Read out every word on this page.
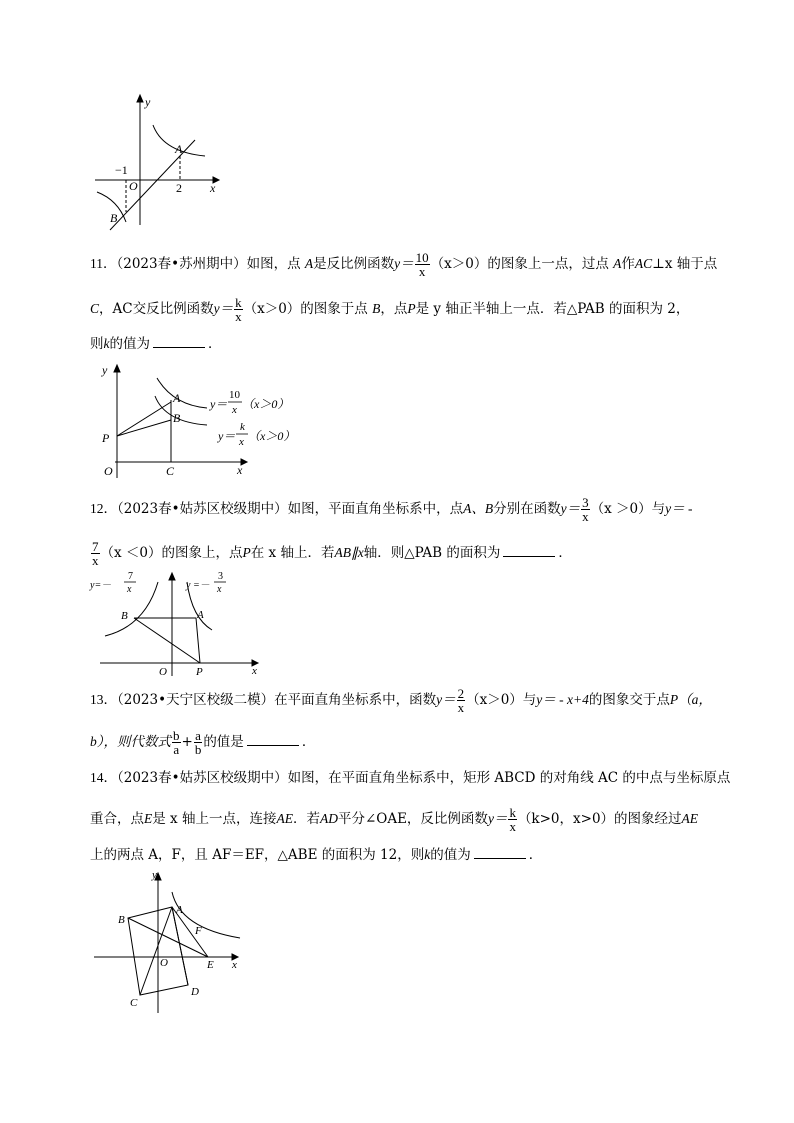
y
x
−1
O	2
A
B
11．（2023春•苏州期中）如图，点 A是反比例函数$y= \frac{10}{x} (x>0)$的图象上一点，过点 A作AC⊥x 轴于点
C，AC交反比例函数$y= \frac{k}{x} (x>0)$的图象于点 B，点P是 y 轴正半轴上一点．若△PAB 的面积为 2，
则k的值为	．
y
x
O	C
P
A
B
y＝
10
x （x＞0）
y＝
k
x （x＞0）
12．（2023春•姑苏区校级期中）如图，平面直角坐标系中，点A、B分别在函数$y= \frac{3}{x} (x >0)$与y＝ -
$\frac{7}{x} (x <0)$的图象上，点P在 x 轴上．若AB∥x轴．则△PAB 的面积为	．
y=－
7
x	y =－
3
x
B	A
O	P	x
13．（2023•天宁区校级二模）在平面直角坐标系中，函数$y= \frac{2}{x} (x>0)$与y＝ - x+4的图象交于点P（a，
b），则代数式 $\frac{b}{a} + \frac{a}{b}$ 的值是	．
14．（2023春•姑苏区校级期中）如图，在平面直角坐标系中，矩形 ABCD 的对角线 AC 的中点与坐标原点
重合，点E是 x 轴上一点，连接AE．若AD平分∠OAE，反比例函数$y= \frac{k}{x} (k>0$，x>0）的图象经过AE
上的两点 A，F，且 AF＝EF，△ABE 的面积为 12，则k的值为	．
y
x
A
B
C
D
E
F
O
